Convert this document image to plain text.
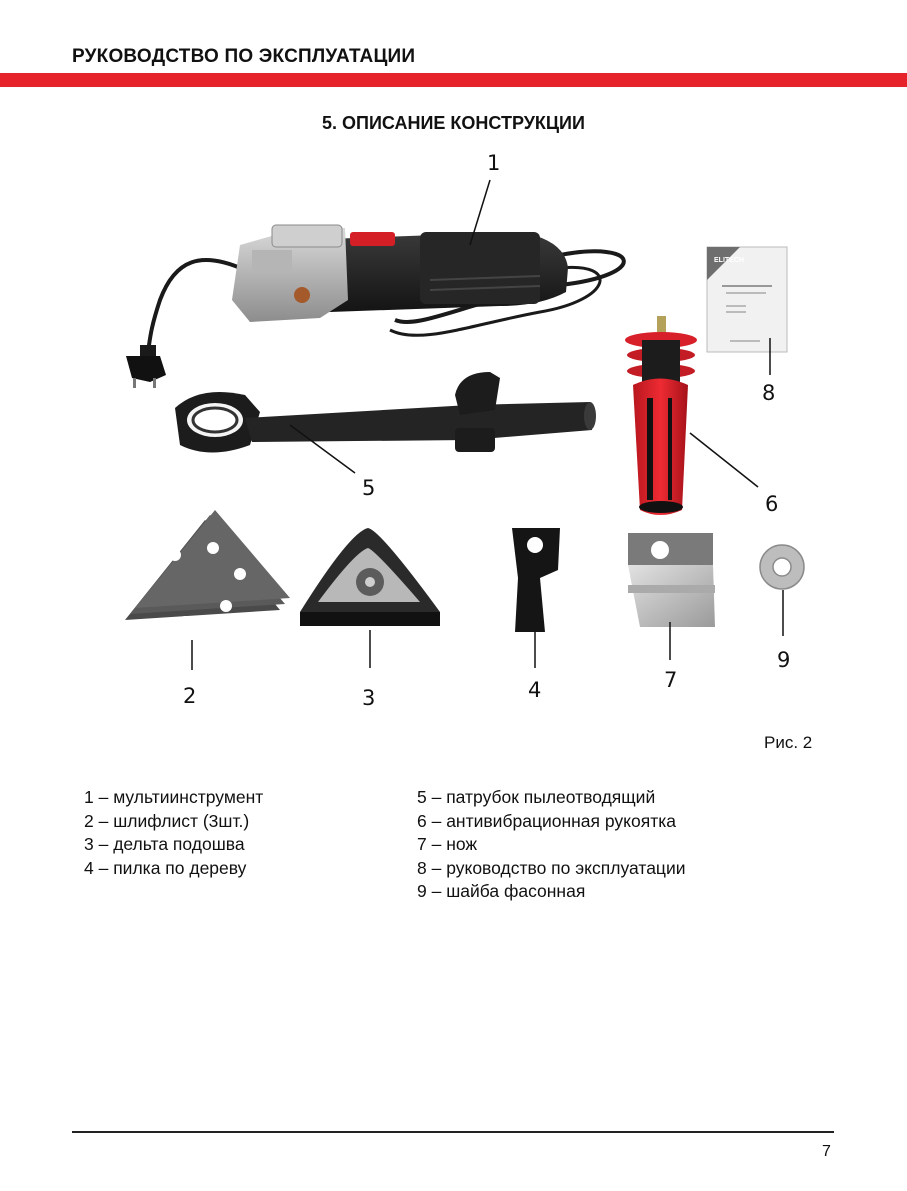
РУКОВОДСТВО ПО ЭКСПЛУАТАЦИИ
5. ОПИСАНИЕ КОНСТРУКЦИИ
ELITECH
1
2	3	4
5
6
7
8
9
Рис. 2
1 – мультиинструмент
2 – шлифлист (3шт.)
3 – дельта подошва
4 – пилка по дереву
5 – патрубок пылеотводящий
6 – антивибрационная рукоятка
7 – нож
8 – руководство по эксплуатации
9 – шайба фасонная
7
